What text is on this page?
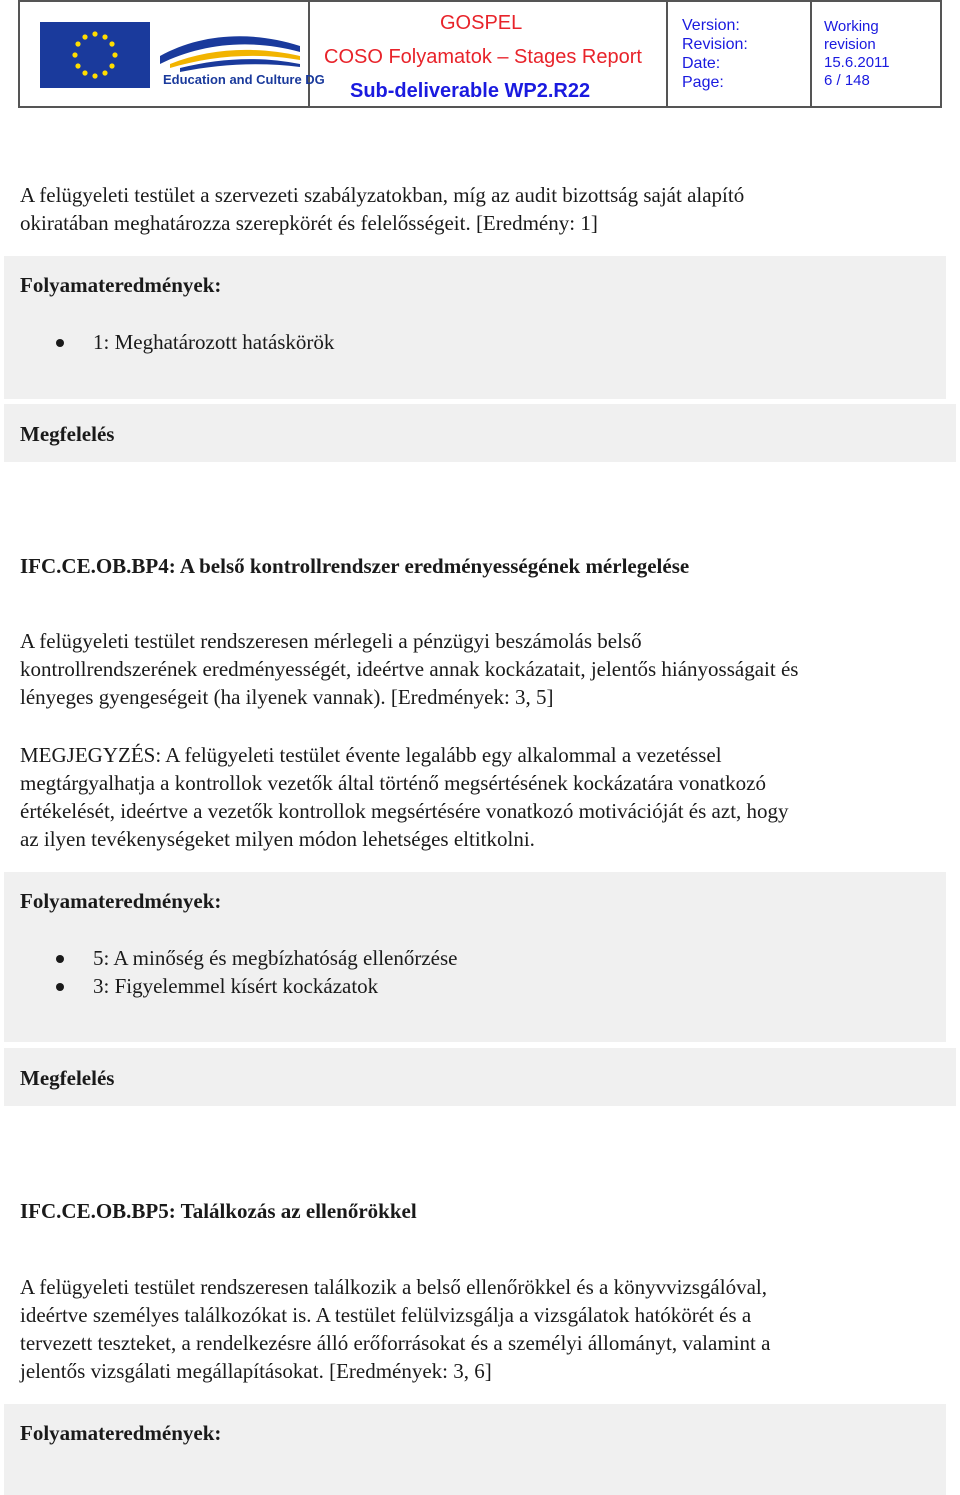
Education and Culture DG
GOSPEL
COSO Folyamatok – Stages Report
Sub-deliverable WP2.R22
Version:
Revision:
Date:
Page:
Working
revision
15.6.2011
6 / 148
A felügyeleti testület a szervezeti szabályzatokban, míg az audit bizottság saját alapító
okiratában meghatározza szerepkörét és felelősségeit. [Eredmény: 1]
Folyamateredmények:
1: Meghatározott hatáskörök
Megfelelés
IFC.CE.OB.BP4: A belső kontrollrendszer eredményességének mérlegelése
A felügyeleti testület rendszeresen mérlegeli a pénzügyi beszámolás belső
kontrollrendszerének eredményességét, ideértve annak kockázatait, jelentős hiányosságait és
lényeges gyengeségeit (ha ilyenek vannak). [Eredmények: 3, 5]
MEGJEGYZÉS: A felügyeleti testület évente legalább egy alkalommal a vezetéssel
megtárgyalhatja a kontrollok vezetők által történő megsértésének kockázatára vonatkozó
értékelését, ideértve a vezetők kontrollok megsértésére vonatkozó motivációját és azt, hogy
az ilyen tevékenységeket milyen módon lehetséges eltitkolni.
Folyamateredmények:
5: A minőség és megbízhatóság ellenőrzése
3: Figyelemmel kísért kockázatok
Megfelelés
IFC.CE.OB.BP5: Találkozás az ellenőrökkel
A felügyeleti testület rendszeresen találkozik a belső ellenőrökkel és a könyvvizsgálóval,
ideértve személyes találkozókat is. A testület felülvizsgálja a vizsgálatok hatókörét és a
tervezett teszteket, a rendelkezésre álló erőforrásokat és a személyi állományt, valamint a
jelentős vizsgálati megállapításokat. [Eredmények: 3, 6]
Folyamateredmények:
